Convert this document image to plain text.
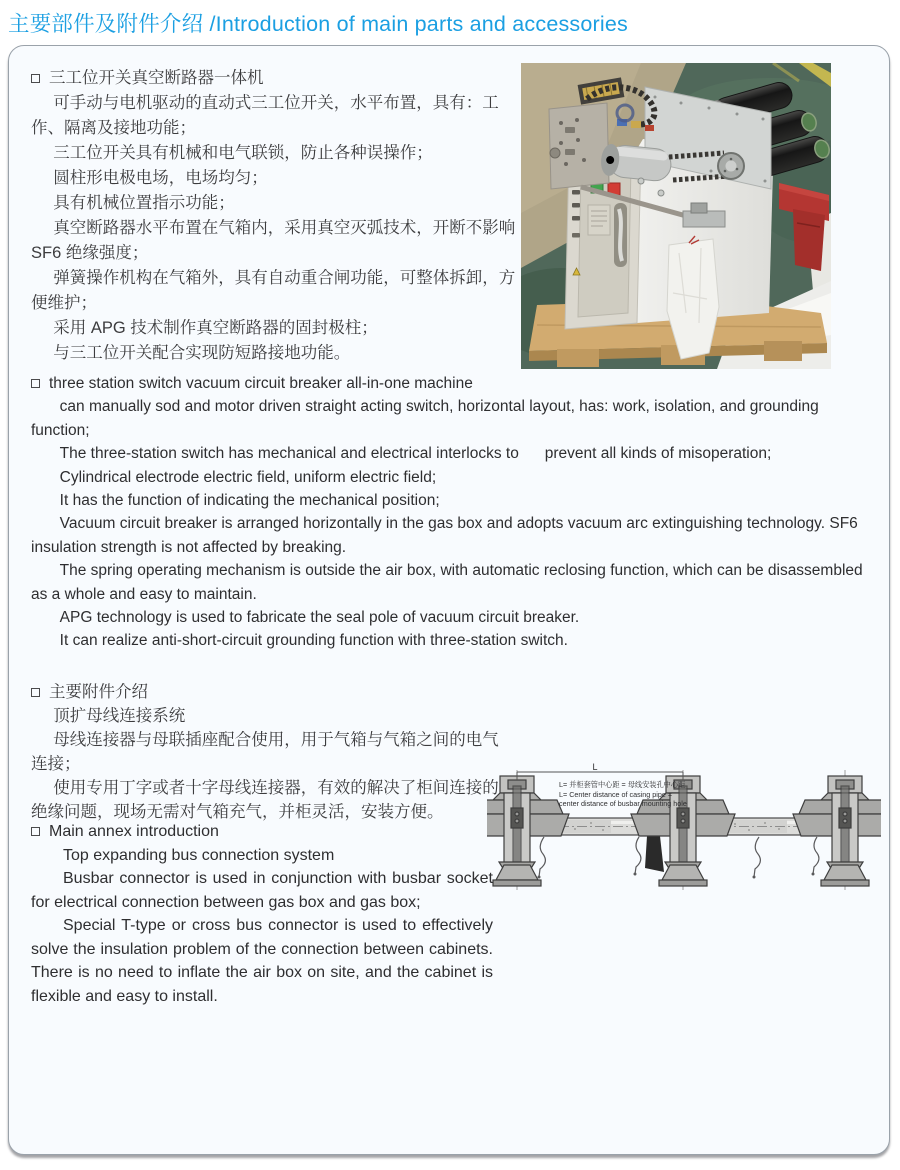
主要部件及附件介绍 /Introduction of main parts and accessories
三工位开关真空断路器一体机

可手动与电机驱动的直动式三工位开关，水平布置，具有：工作、隔离及接地功能；

三工位开关具有机械和电气联锁，防止各种误操作；

圆柱形电极电场，电场均匀；

具有机械位置指示功能；

真空断路器水平布置在气箱内，采用真空灭弧技术，开断不影响 SF6 绝缘强度；

弹簧操作机构在气箱外，具有自动重合闸功能，可整体拆卸，方便维护；

采用 APG 技术制作真空断路器的固封极柱；

与三工位开关配合实现防短路接地功能。

three station switch vacuum circuit breaker all-in-one machine

can manually sod and motor driven straight acting switch, horizontal layout, has: work, isolation, and grounding function;

The three-station switch has mechanical and electrical interlocks to      prevent all kinds of misoperation;

Cylindrical electrode electric field, uniform electric field;

It has the function of indicating the mechanical position;

Vacuum circuit breaker is arranged horizontally in the gas box and adopts vacuum arc extinguishing technology. SF6 insulation strength is not affected by breaking.

The spring operating mechanism is outside the air box, with automatic reclosing function, which can be disassembled as a whole and easy to maintain.

APG technology is used to fabricate the seal pole of vacuum circuit breaker.

It can realize anti-short-circuit grounding function with three-station switch.

主要附件介绍

顶扩母线连接系统

母线连接器与母联插座配合使用，用于气箱与气箱之间的电气连接；

使用专用丁字或者十字母线连接器，有效的解决了柜间连接的绝缘问题，现场无需对气箱充气，并柜灵活，安装方便。

L
L= 并柜套管中心距 = 母线安装孔中心距
L= Center distance of casing pipe =
center distance of busbar mounting hole
Main annex introduction

Top expanding bus connection system

Busbar connector is used in conjunction with busbar socket for electrical connection between gas box and gas box;

Special T-type or cross bus connector is used to effectively solve the insulation problem of the connection between cabinets. There is no need to inflate the air box on site, and the cabinet is flexible and easy to install.
